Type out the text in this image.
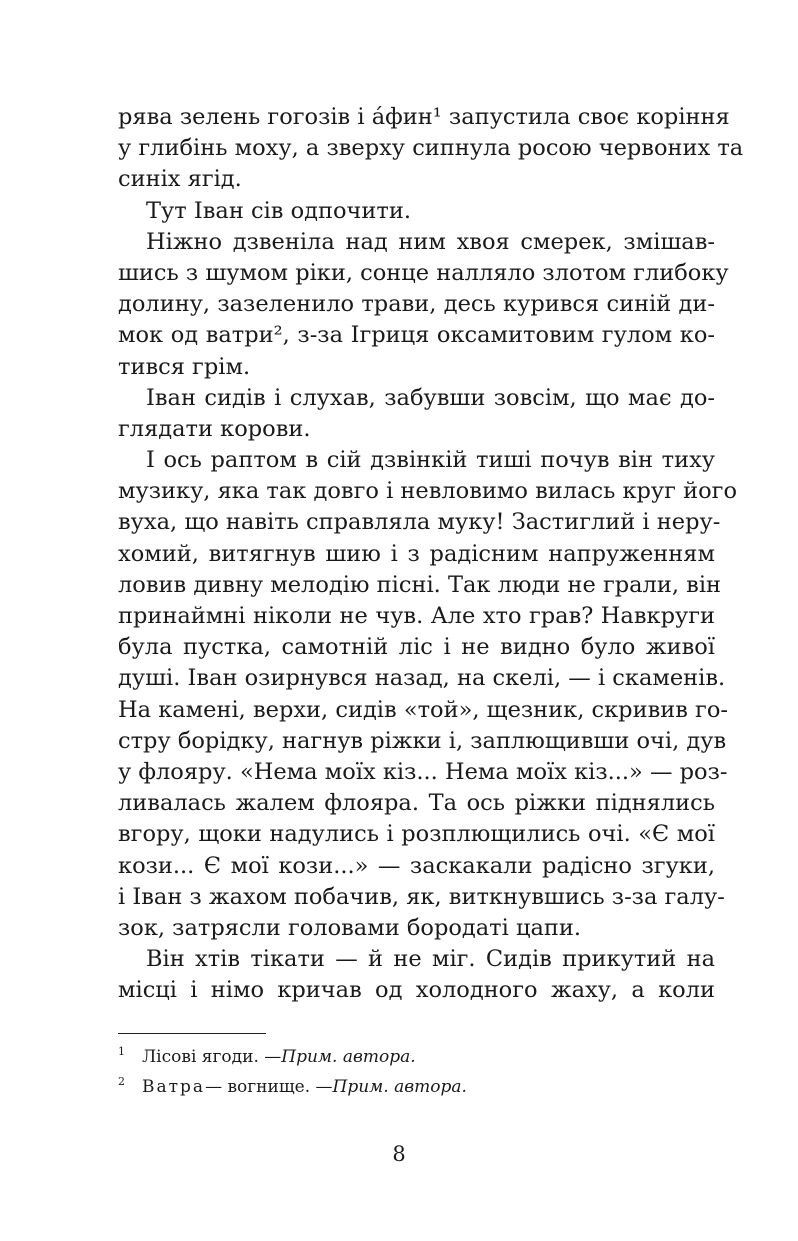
рява зелень гогозів і áфин¹ запустила своє коріння
у глибінь моху, а зверху сипнула росою червоних та
синіх ягід.
Тут Іван сів одпочити.
Ніжно дзвеніла над ним хвоя смерек, змішав-
шись з шумом ріки, сонце налляло злотом глибоку
долину, зазеленило трави, десь курився синій ди-
мок од ватри², з-за Ігриця оксамитовим гулом ко-
тився грім.
Іван сидів і слухав, забувши зовсім, що має до-
глядати корови.
І ось раптом в сій дзвінкій тиші почув він тиху
музику, яка так довго і невловимо вилась круг його
вуха, що навіть справляла муку! Застиглий і неру-
хомий, витягнув шию і з радісним напруженням
ловив дивну мелодію пісні. Так люди не грали, він
принаймні ніколи не чув. Але хто грав? Навкруги
була пустка, самотній ліс і не видно було живої
душі. Іван озирнувся назад, на скелі, — і скаменів.
На камені, верхи, сидів «той», щезник, скривив го-
стру борідку, нагнув ріжки і, заплющивши очі, дув
у флояру. «Нема моїх кіз... Нема моїх кіз...» — роз-
ливалась жалем флояра. Та ось ріжки піднялись
вгору, щоки надулись і розплющились очі. «Є мої
кози... Є мої кози...» — заскакали радісно згуки,
і Іван з жахом побачив, як, виткнувшись з-за галу-
зок, затрясли головами бородаті цапи.
Він хтів тікати — й не міг. Сидів прикутий на
місці і німо кричав од холодного жаху, а коли
1	Лісові ягоди. — Прим. автора.
2	Ватра — вогнище. — Прим. автора.
8
